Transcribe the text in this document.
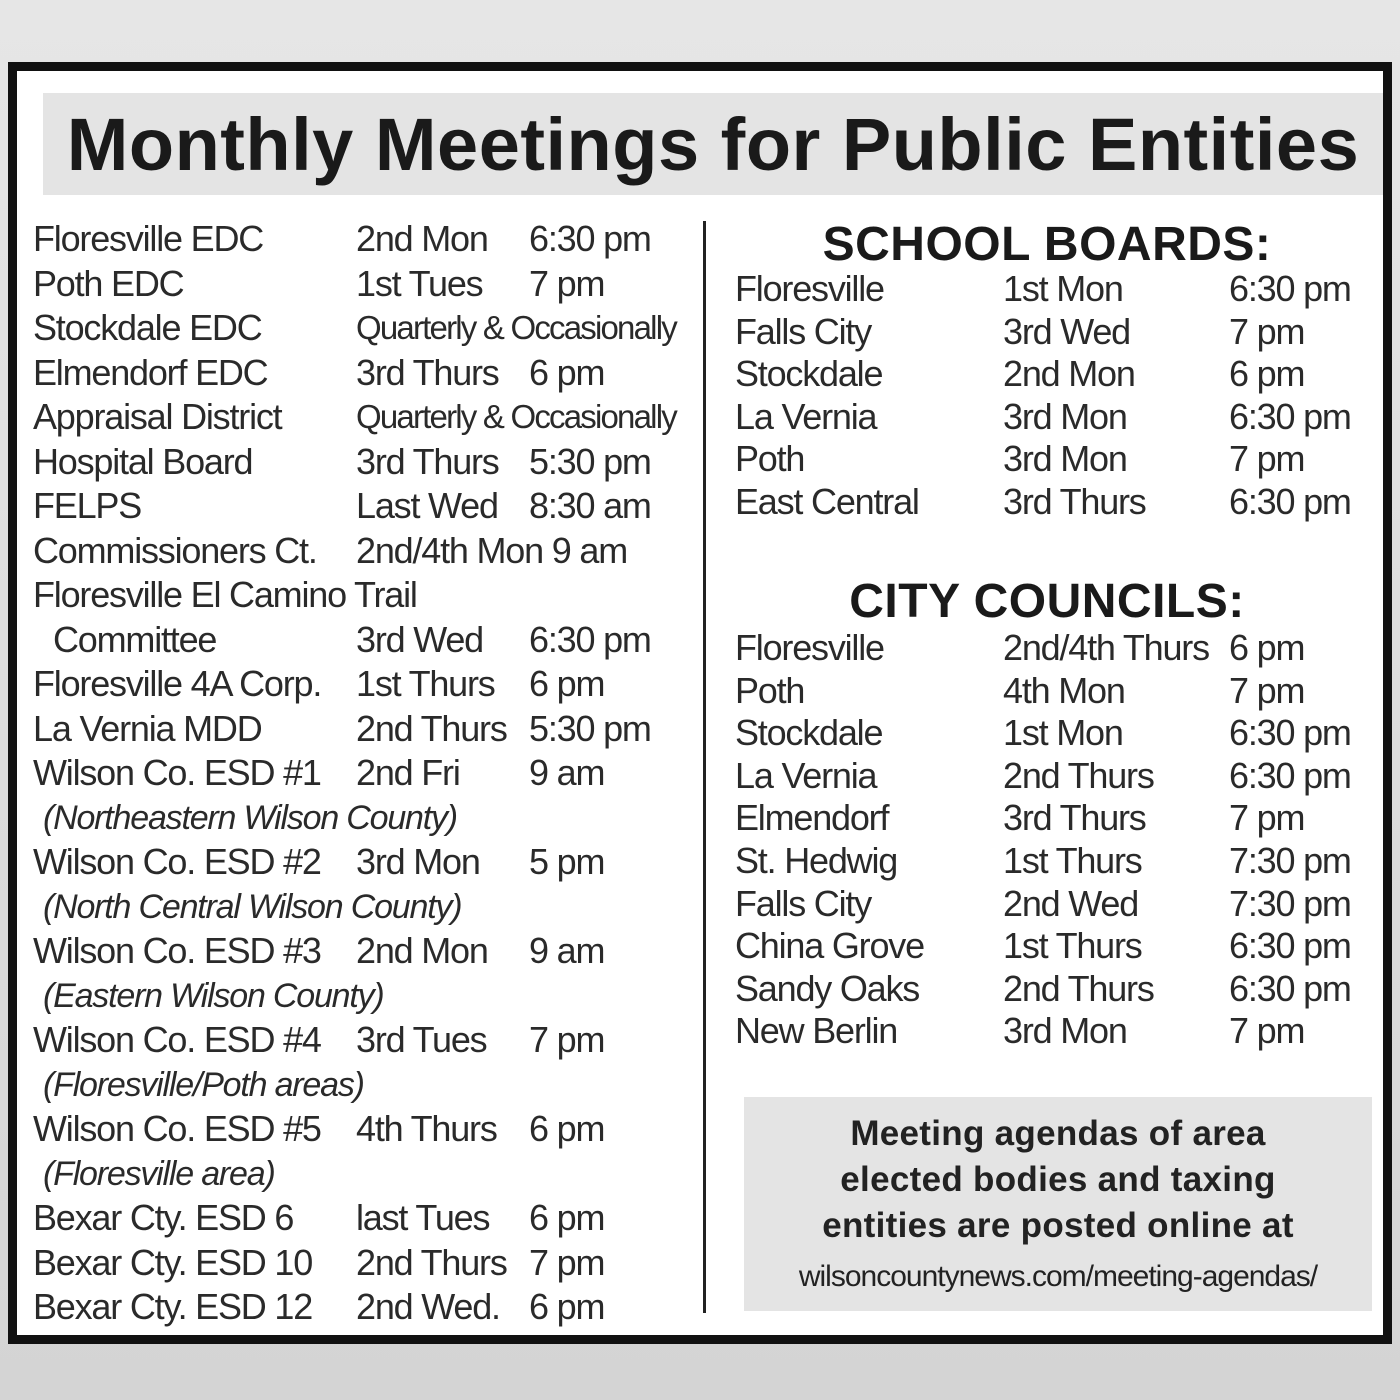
Monthly Meetings for Public Entities
Floresville EDC	2nd Mon 6:30 pm
Poth EDC	1st Tues 7 pm
Stockdale EDC	Quarterly & Occasionally
Elmendorf EDC 3rd Thurs 6 pm
Appraisal District Quarterly & Occasionally
Hospital Board	3rd Thurs 5:30 pm
FELPS	Last Wed 8:30 am
Commissioners Ct. 2nd/4th Mon 9 am
Floresville El Camino Trail
Committee	3rd Wed 6:30 pm
Floresville 4A Corp. 1st Thurs 6 pm
La Vernia MDD	2nd Thurs 5:30 pm
Wilson Co. ESD #1 2nd Fri 9 am
(Northeastern Wilson County)
Wilson Co. ESD #2 3rd Mon 5 pm
(North Central Wilson County)
Wilson Co. ESD #3 2nd Mon 9 am
(Eastern Wilson County)
Wilson Co. ESD #4 3rd Tues 7 pm
(Floresville/Poth areas)
Wilson Co. ESD #5 4th Thurs 6 pm
(Floresville area)
Bexar Cty. ESD 6 last Tues 6 pm
Bexar Cty. ESD 10 2nd Thurs 7 pm
Bexar Cty. ESD 12 2nd Wed. 6 pm
SCHOOL BOARDS:
Floresville	1st Mon	6:30 pm
Falls City	3rd Wed	7 pm
Stockdale	2nd Mon	6 pm
La Vernia	3rd Mon	6:30 pm
Poth	3rd Mon	7 pm
East Central 3rd Thurs 6:30 pm
CITY COUNCILS:
Floresville	2nd/4th Thurs 6 pm
Poth	4th Mon	7 pm
Stockdale	1st Mon	6:30 pm
La Vernia	2nd Thurs 6:30 pm
Elmendorf	3rd Thurs 7 pm
St. Hedwig	1st Thurs 7:30 pm
Falls City	2nd Wed	7:30 pm
China Grove 1st Thurs 6:30 pm
Sandy Oaks 2nd Thurs 6:30 pm
New Berlin	3rd Mon	7 pm
Meeting agendas of area
elected bodies and taxing
entities are posted online at
wilsoncountynews.com/meeting-agendas/
